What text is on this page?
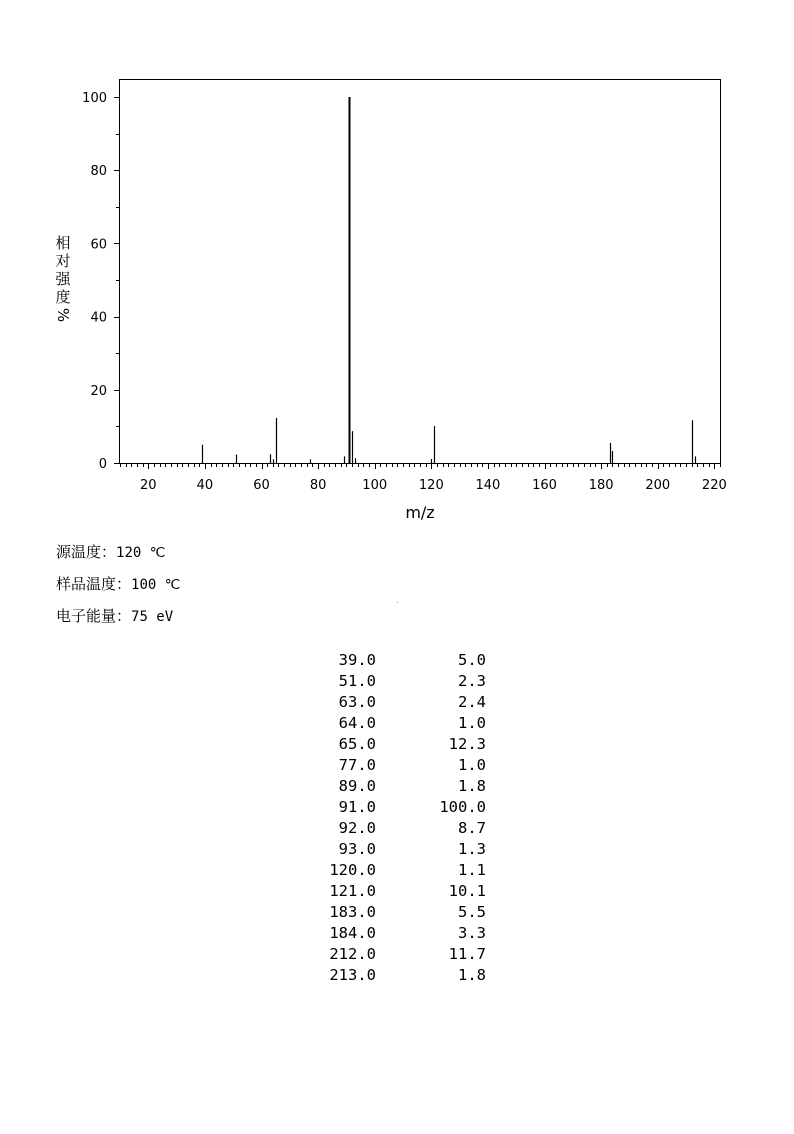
20	40	60	80	100 120 140 160 180 200 220
0
20
40
60
80
100
m/z
相
对
强
度
%
源温度：120 ℃
样品温度：100 ℃
电子能量：75 eV
39.0	5.0
51.0	2.3
63.0	2.4
64.0	1.0
65.0	12.3
77.0	1.0
89.0	1.8
91.0	100.0
92.0	8.7
93.0	1.3
120.0	1.1
121.0	10.1
183.0	5.5
184.0	3.3
212.0	11.7
213.0	1.8
